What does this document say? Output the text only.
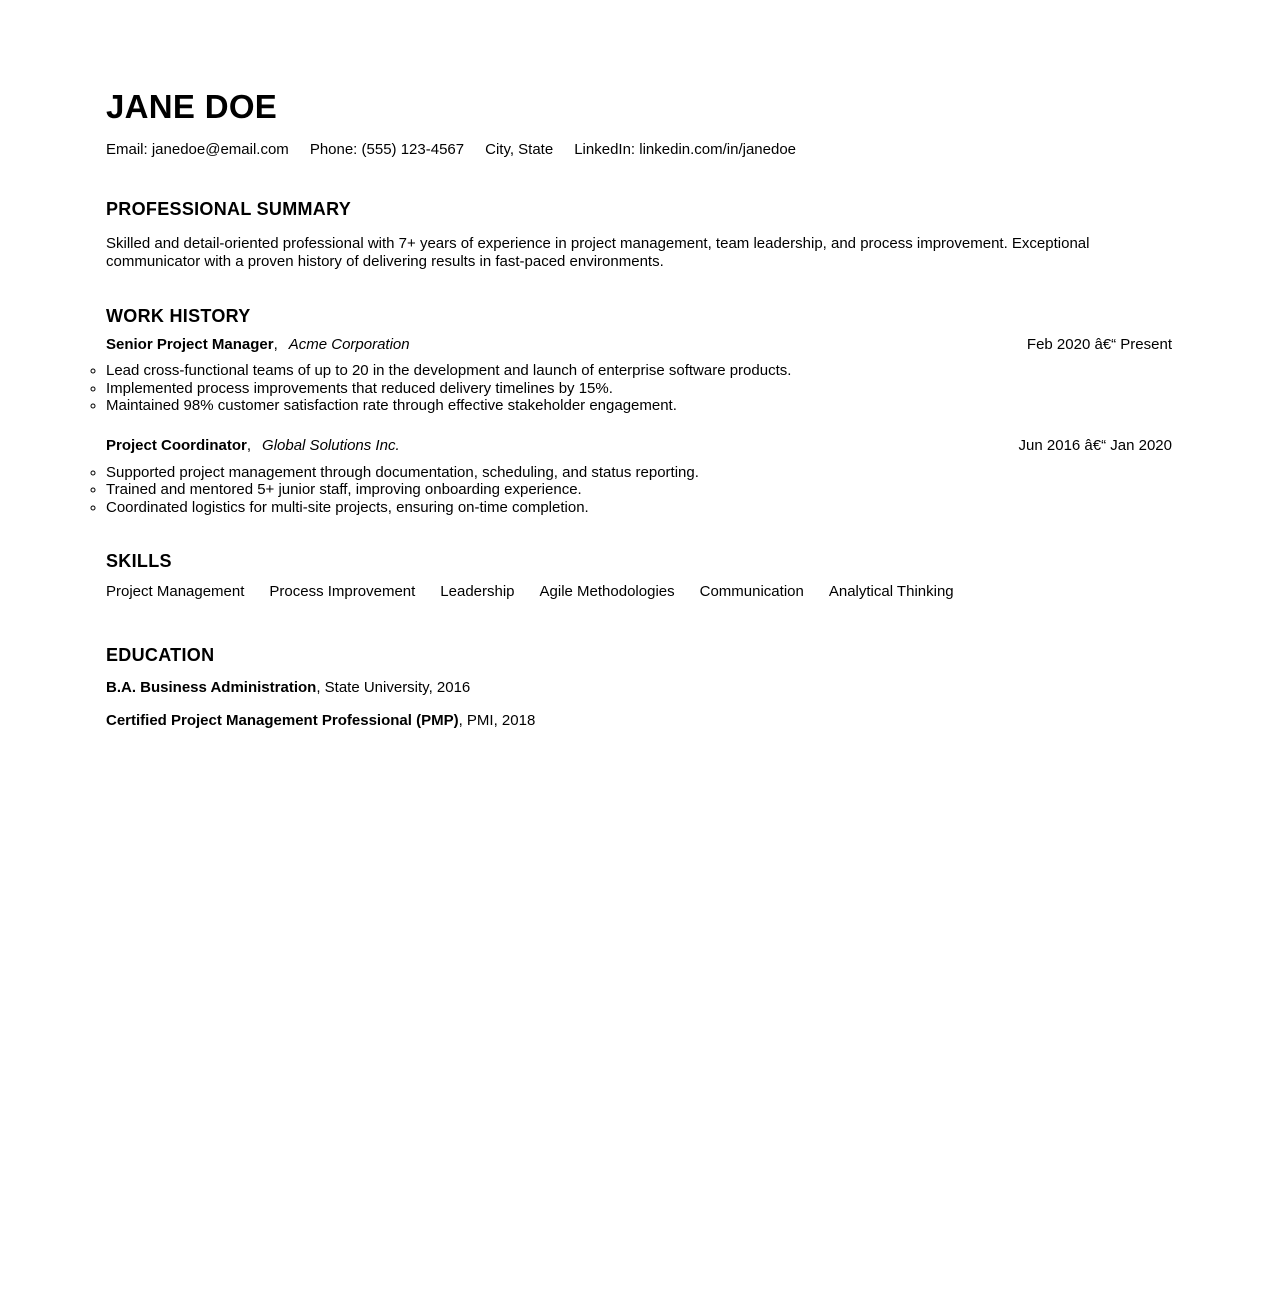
JANE DOE
Email: janedoe@email.com Phone: (555) 123-4567 City, State LinkedIn: linkedin.com/in/janedoe
PROFESSIONAL SUMMARY

Skilled and detail-oriented professional with 7+ years of experience in project management, team leadership, and process improvement. Exceptional communicator with a proven history of delivering results in fast-paced environments.

WORK HISTORY
Senior Project Manager, Acme Corporation	Feb 2020 â€“ Present
◦ Lead cross-functional teams of up to 20 in the development and launch of enterprise software products.
◦ Implemented process improvements that reduced delivery timelines by 15%.
◦ Maintained 98% customer satisfaction rate through effective stakeholder engagement.
Project Coordinator, Global Solutions Inc.	Jun 2016 â€“ Jan 2020
◦ Supported project management through documentation, scheduling, and status reporting.
◦ Trained and mentored 5+ junior staff, improving onboarding experience.
◦ Coordinated logistics for multi-site projects, ensuring on-time completion.
SKILLS
Project Management Process Improvement Leadership Agile Methodologies Communication Analytical Thinking
EDUCATION

B.A. Business Administration, State University, 2016

Certified Project Management Professional (PMP), PMI, 2018
